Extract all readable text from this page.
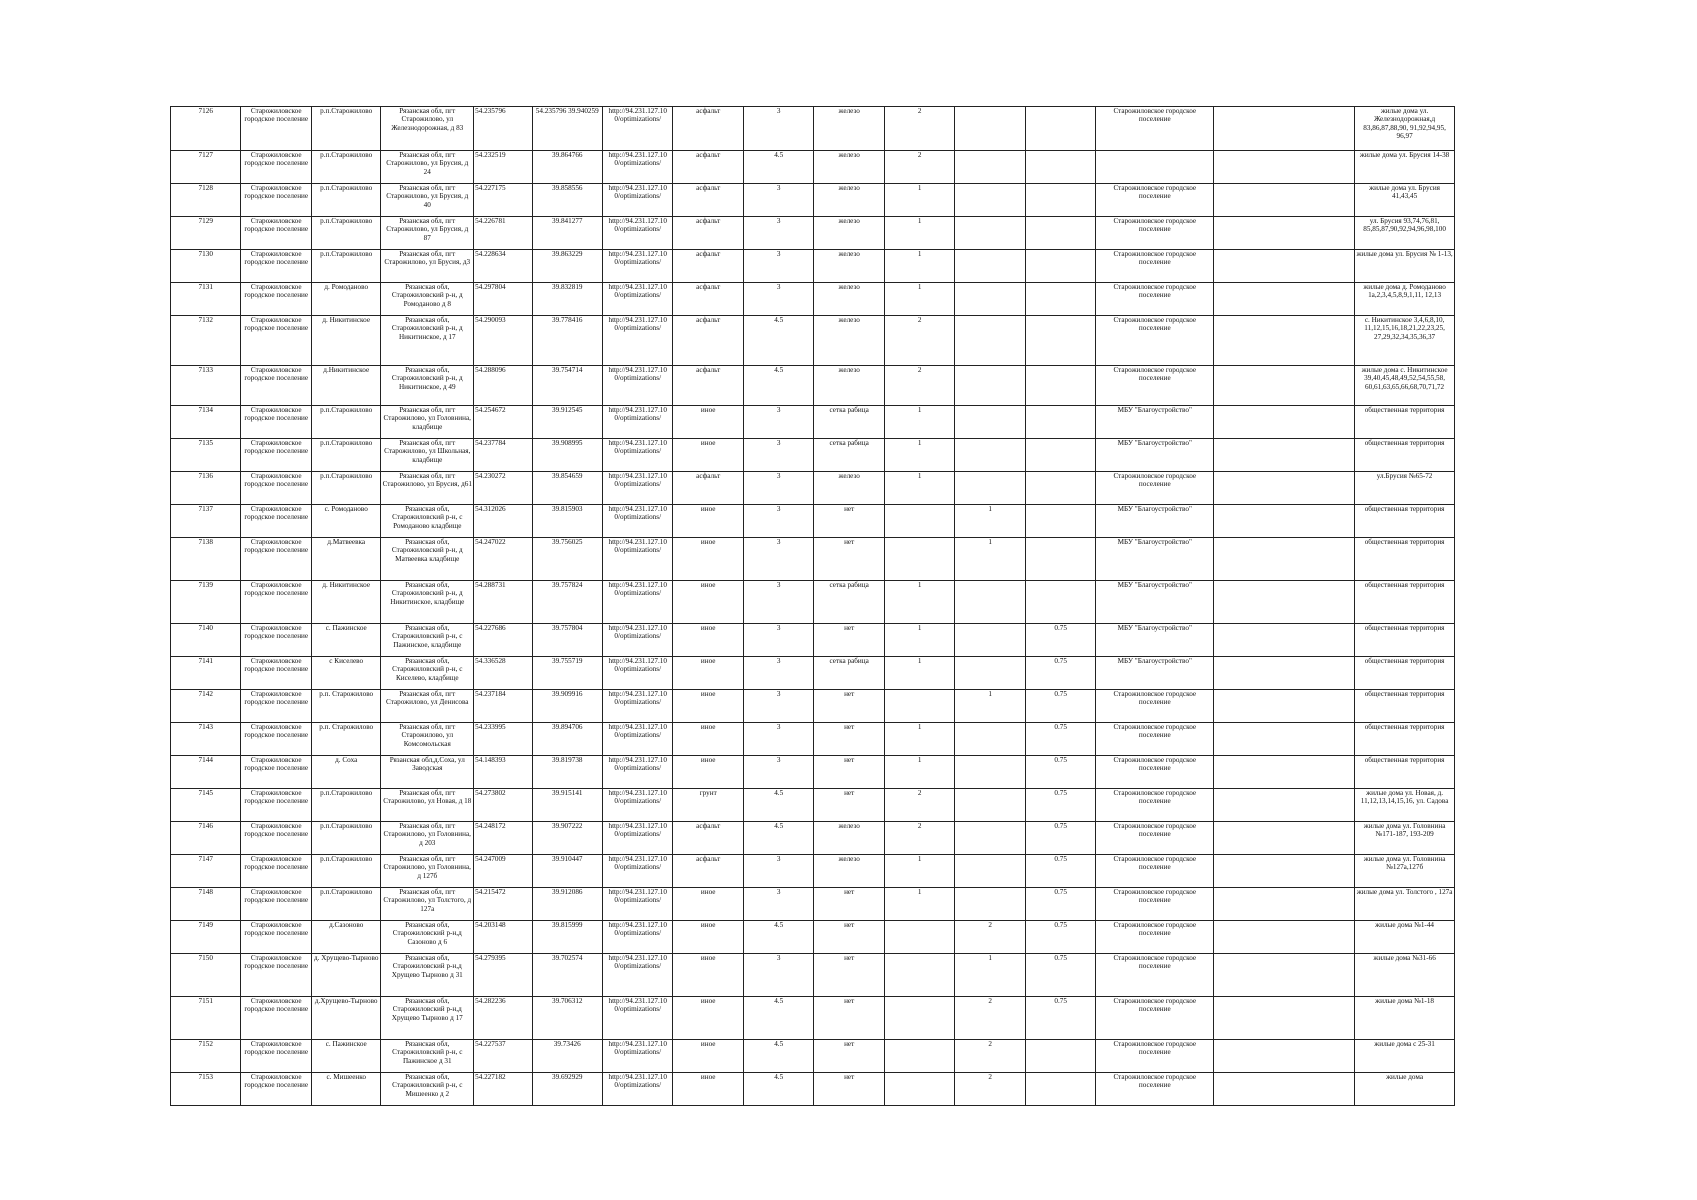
7126	Старожиловское городское поселение	р.п.Старожилово	Рязанская обл, пгт Старожилово, ул Железнодорожная, д 83	54.235796	54.235796 39.940259	http://94.231.127.10 0/optimizations/	асфальт	3	железо	2			Старожиловское городское поселение		жилые дома ул. Железнодорожная,д 83,86,87,88,90, 91,92,94,95, 96,97
7127	Старожиловское городское поселение	р.п.Старожилово	Рязанская обл, пгт Старожилово, ул Брусия, д 24	54.232519	39.864766	http://94.231.127.10 0/optimizations/	асфальт	4.5	железо	2					жилые дома ул. Брусия 14-38
7128	Старожиловское городское поселение	р.п.Старожилово	Рязанская обл, пгт Старожилово, ул Брусия, д 40	54.227175	39.858556	http://94.231.127.10 0/optimizations/	асфальт	3	железо	1			Старожиловское городское поселение		жилые дома ул. Брусия 41,43,45
7129	Старожиловское городское поселение	р.п.Старожилово	Рязанская обл, пгт Старожилово, ул Брусия, д 87	54.226781	39.841277	http://94.231.127.10 0/optimizations/	асфальт	3	железо	1			Старожиловское городское поселение		ул. Брусия 93,74,76,81, 85,85,87,90,92,94,96,98,100
7130	Старожиловское городское поселение	р.п.Старожилово	Рязанская обл, пгт Старожилово, ул Брусия, д3	54.228634	39.863229	http://94.231.127.10 0/optimizations/	асфальт	3	железо	1			Старожиловское городское поселение		жилые дома ул. Брусия № 1-13,
7131	Старожиловское городское поселение	д. Ромодановo	Рязанская обл, Старожиловский р-н, д Ромодановo д 8	54.297804	39.832819	http://94.231.127.10 0/optimizations/	асфальт	3	железо	1			Старожиловское городское поселение		жилые дома д. Ромоданово 1а,2,3,4,5,8,9,1,11, 12,13
7132	Старожиловское городское поселение	д. Никитинское	Рязанская обл, Старожиловский р-н, д Никитинское, д 17	54.290093	39.778416	http://94.231.127.10 0/optimizations/	асфальт	4.5	железо	2			Старожиловское городское поселение		с. Никитинское 3,4,6,8,10, 11,12,15,16,18,21,22,23,25, 27,29,32,34,35,36,37
7133	Старожиловское городское поселение	д.Никитинское	Рязанская обл, Старожиловский р-н, д Никитинское, д 49	54.288096	39.754714	http://94.231.127.10 0/optimizations/	асфальт	4.5	железо	2			Старожиловское городское поселение		жилые дома с. Никитинское 39,40,45,48,49,52,54,55,58, 60,61,63,65,66,68,70,71,72
7134	Старожиловское городское поселение	р.п.Старожилово	Рязанская обл, пгт Старожилово, ул Головнина, кладбище	54.254672	39.912545	http://94.231.127.10 0/optimizations/	иное	3	сетка рабица	1			МБУ "Благоустройство"		общественная территория
7135	Старожиловское городское поселение	р.п.Старожилово	Рязанская обл, пгт Старожилово, ул Школьная, кладбище	54.237784	39.908995	http://94.231.127.10 0/optimizations/	иное	3	сетка рабица	1			МБУ "Благоустройство"		общественная территория
7136	Старожиловское городское поселение	р.п.Старожилово	Рязанская обл, пгт Старожилово, ул Брусия, д61	54.230272	39.854659	http://94.231.127.10 0/optimizations/	асфальт	3	железо	1			Старожиловское городское поселение		ул.Брусия №65-72
7137	Старожиловское городское поселение	с. Ромоданово	Рязанская обл, Старожиловский р-н, с Ромоданово кладбище	54.312026	39.815903	http://94.231.127.10 0/optimizations/	иное	3	нет		1		МБУ "Благоустройство"		общественная территория
7138	Старожиловское городское поселение	д.Матвеевка	Рязанская обл, Старожиловский р-н, д Матвеевка кладбище	54.247022	39.756025	http://94.231.127.10 0/optimizations/	иное	3	нет		1		МБУ "Благоустройство"		общественная территория
7139	Старожиловское городское поселение	д. Никитинское	Рязанская обл, Старожиловский р-н, д Никитинское, кладбище	54.288731	39.757824	http://94.231.127.10 0/optimizations/	иное	3	сетка рабица	1			МБУ "Благоустройство"		общественная территория
7140	Старожиловское городское поселение	с. Пажинское	Рязанская обл, Старожиловский р-н, с Пажинское, кладбище	54.227686	39.757804	http://94.231.127.10 0/optimizations/	иное	3	нет	1		0.75	МБУ "Благоустройство"		общественная территория
7141	Старожиловское городское поселение	с Киселево	Рязанская обл, Старожиловский р-н, с Киселево, кладбище	54.336528	39.755719	http://94.231.127.10 0/optimizations/	иное	3	сетка рабица	1		0.75	МБУ "Благоустройство"		общественная территория
7142	Старожиловское городское поселение	р.п. Старожилово	Рязанская обл, пгт Старожилово, ул Денисова	54.237184	39.909916	http://94.231.127.10 0/optimizations/	иное	3	нет		1	0.75	Старожиловское городское поселение		общественная территория
7143	Старожиловское городское поселение	р.п. Старожилово	Рязанская обл, пгт Старожилово, ул Комсомольская	54.233995	39.894706	http://94.231.127.10 0/optimizations/	иное	3	нет	1		0.75	Старожиловское городское поселение		общественная территория
7144	Старожиловское городское поселение	д. Соха	Рязанская обл,д.Соха, ул Заводская	54.148393	39.819738	http://94.231.127.10 0/optimizations/	иное	3	нет	1		0.75	Старожиловское городское поселение		общественная территория
7145	Старожиловское городское поселение	р.п.Старожилово	Рязанская обл, пгт Старожилово, ул Новая, д 18	54.273802	39.915141	http://94.231.127.10 0/optimizations/	грунт	4.5	нет	2		0.75	Старожиловское городское поселение		жилые дома ул. Новая, д. 11,12,13,14,15,16, ул. Садова
7146	Старожиловское городское поселение	р.п.Старожилово	Рязанская обл, пгт Старожилово, ул Головнина, д 203	54.248172	39.907222	http://94.231.127.10 0/optimizations/	асфальт	4.5	железо	2		0.75	Старожиловское городское поселение		жилые дома ул. Головнина №171-187, 193-209
7147	Старожиловское городское поселение	р.п.Старожилово	Рязанская обл, пгт Старожилово, ул Головнина, д 127б	54.247009	39.910447	http://94.231.127.10 0/optimizations/	асфальт	3	железо	1		0.75	Старожиловское городское поселение		жилые дома ул. Головнина №127а,127б
7148	Старожиловское городское поселение	р.п.Старожилово	Рязанская обл, пгт Старожилово, ул Толстого, д 127а	54.215472	39.912086	http://94.231.127.10 0/optimizations/	иное	3	нет	1		0.75	Старожиловское городское поселение		жилые дома ул. Толстого , 127а
7149	Старожиловское городское поселение	д.Сазоново	Рязанская обл, Старожиловский р-н,д Сазоново д 6	54.203148	39.815999	http://94.231.127.10 0/optimizations/	иное	4.5	нет		2	0.75	Старожиловское городское поселение		жилые дома №1-44
7150	Старожиловское городское поселение	д. Хрущево-Тырново	Рязанская обл, Старожиловский р-н,д Хрущево Тырново д 31	54.279395	39.702574	http://94.231.127.10 0/optimizations/	иное	3	нет		1	0.75	Старожиловское городское поселение		жилые дома №31-66
7151	Старожиловское городское поселение	д.Хрущево-Тырново	Рязанская обл, Старожиловский р-н,д Хрущево Тырново д 17	54.282236	39.706312	http://94.231.127.10 0/optimizations/	иное	4.5	нет		2	0.75	Старожиловское городское поселение		жилые дома №1-18
7152	Старожиловское городское поселение	с. Пажинское	Рязанская обл, Старожиловский р-н, с Пажинское д 31	54.227537	39.73426	http://94.231.127.10 0/optimizations/	иное	4.5	нет		2		Старожиловское городское поселение		жилые дома с 25-31
7153	Старожиловское городское поселение	с. Мишеенко	Рязанская обл, Старожиловский р-н, с Мишеенко д 2	54.227182	39.692929	http://94.231.127.10 0/optimizations/	иное	4.5	нет		2		Старожиловское городское поселение		жилые дома
